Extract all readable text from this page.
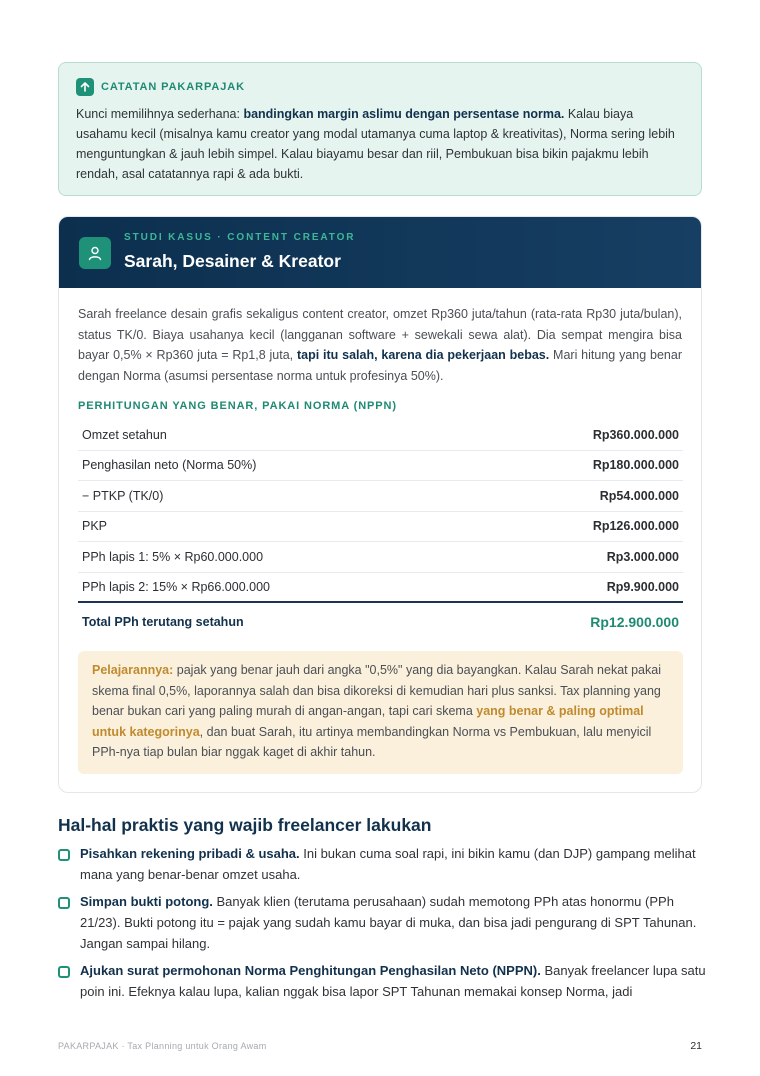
CATATAN PAKARPAJAK

Kunci memilihnya sederhana: bandingkan margin aslimu dengan persentase norma. Kalau biaya usahamu kecil (misalnya kamu creator yang modal utamanya cuma laptop & kreativitas), Norma sering lebih menguntungkan & jauh lebih simpel. Kalau biayamu besar dan riil, Pembukuan bisa bikin pajakmu lebih rendah, asal catatannya rapi & ada bukti.

STUDI KASUS · CONTENT CREATOR
Sarah, Desainer & Kreator

Sarah freelance desain grafis sekaligus content creator, omzet Rp360 juta/tahun (rata-rata Rp30 juta/bulan), status TK/0. Biaya usahanya kecil (langganan software + sewekali sewa alat). Dia sempat mengira bisa bayar 0,5% × Rp360 juta = Rp1,8 juta, tapi itu salah, karena dia pekerjaan bebas. Mari hitung yang benar dengan Norma (asumsi persentase norma untuk profesinya 50%).

PERHITUNGAN YANG BENAR, PAKAI NORMA (NPPN)
Omzet setahun	Rp360.000.000
Penghasilan neto (Norma 50%)	Rp180.000.000
− PTKP (TK/0)	Rp54.000.000
PKP	Rp126.000.000
PPh lapis 1: 5% × Rp60.000.000	Rp3.000.000
PPh lapis 2: 15% × Rp66.000.000	Rp9.900.000
Total PPh terutang setahun	Rp12.900.000
Pelajarannya: pajak yang benar jauh dari angka "0,5%" yang dia bayangkan. Kalau Sarah nekat pakai skema final 0,5%, laporannya salah dan bisa dikoreksi di kemudian hari plus sanksi. Tax planning yang benar bukan cari yang paling murah di angan-angan, tapi cari skema yang benar & paling optimal untuk kategorinya, dan buat Sarah, itu artinya membandingkan Norma vs Pembukuan, lalu menyicil PPh-nya tiap bulan biar nggak kaget di akhir tahun.
Hal-hal praktis yang wajib freelancer lakukan
Pisahkan rekening pribadi & usaha. Ini bukan cuma soal rapi, ini bikin kamu (dan DJP) gampang melihat mana yang benar-benar omzet usaha.
Simpan bukti potong. Banyak klien (terutama perusahaan) sudah memotong PPh atas honormu (PPh 21/23). Bukti potong itu = pajak yang sudah kamu bayar di muka, dan bisa jadi pengurang di SPT Tahunan. Jangan sampai hilang.
Ajukan surat permohonan Norma Penghitungan Penghasilan Neto (NPPN). Banyak freelancer lupa satu poin ini. Efeknya kalau lupa, kalian nggak bisa lapor SPT Tahunan memakai konsep Norma, jadi
PAKARPAJAK · Tax Planning untuk Orang Awam	21
